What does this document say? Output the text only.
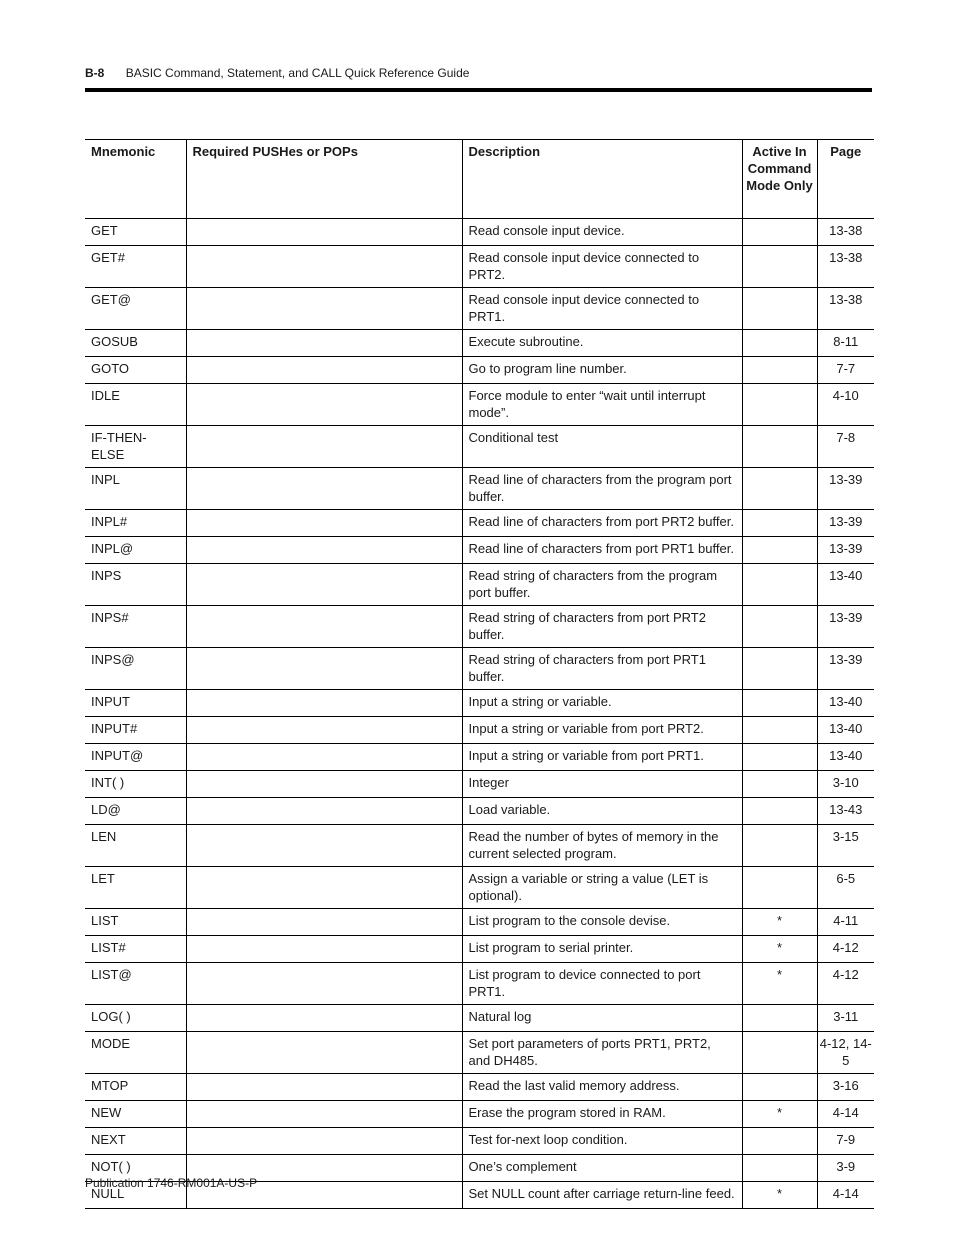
B-8 BASIC Command, Statement, and CALL Quick Reference Guide
Mnemonic	Required PUSHes or POPs	Description	Active In Command Mode Only	Page
GET		Read console input device.		13-38
GET#		Read console input device connected to PRT2.		13-38
GET@		Read console input device connected to PRT1.		13-38
GOSUB		Execute subroutine.		8-11
GOTO		Go to program line number.		7-7
IDLE		Force module to enter “wait until interrupt mode”.		4-10
IF-THEN-ELSE		Conditional test		7-8
INPL		Read line of characters from the program port buffer.		13-39
INPL#		Read line of characters from port PRT2 buffer.		13-39
INPL@		Read line of characters from port PRT1 buffer.		13-39
INPS		Read string of characters from the program port buffer.		13-40
INPS#		Read string of characters from port PRT2 buffer.		13-39
INPS@		Read string of characters from port PRT1 buffer.		13-39
INPUT		Input a string or variable.		13-40
INPUT#		Input a string or variable from port PRT2.		13-40
INPUT@		Input a string or variable from port PRT1.		13-40
INT( )		Integer		3-10
LD@		Load variable.		13-43
LEN		Read the number of bytes of memory in the current selected program.		3-15
LET		Assign a variable or string a value (LET is optional).		6-5
LIST		List program to the console devise.	*	4-11
LIST#		List program to serial printer.	*	4-12
LIST@		List program to device connected to port PRT1.	*	4-12
LOG( )		Natural log		3-11
MODE		Set port parameters of ports PRT1, PRT2, and DH485.		4-12, 14-5
MTOP		Read the last valid memory address.		3-16
NEW		Erase the program stored in RAM.	*	4-14
NEXT		Test for-next loop condition.		7-9
NOT( )		One’s complement		3-9
NULL		Set NULL count after carriage return-line feed.	*	4-14
Publication 1746-RM001A-US-P
